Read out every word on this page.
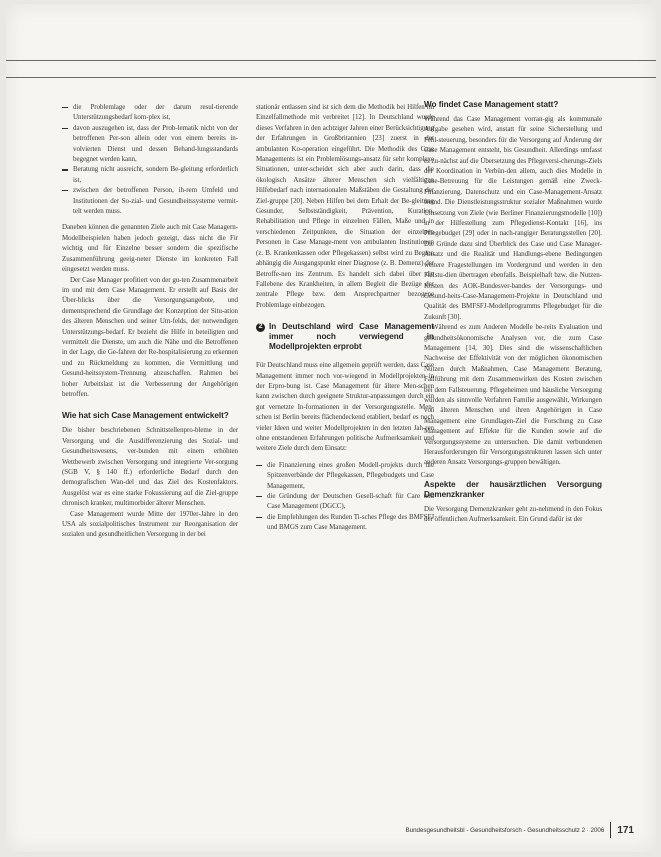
die Problemlage oder der darum resul-tierende Unterstützungsbedarf kom-plex ist,
davon auszugehen ist, dass der Prob-lematik nicht von der betroffenen Per-son allein oder von einem bereits in-volvierten Dienst und dessen Behand-lungsstandards begegnet werden kann,
Beratung nicht ausreicht, sondern Be-gleitung erforderlich ist,
zwischen der betroffenen Person, ih-rem Umfeld und Institutionen der So-zial- und Gesundheitssysteme vermit-telt werden muss.

Daneben können die genannten Ziele auch mit Case Managern-Modellbeispielen haben jedoch gezeigt, dass nicht die Fir wichtig und für Einzelne besser sondern die spezifische Zusammenführung geeig-neter Dienste im konkreten Fall eingesetzt werden muss.

Der Case Manager profitiert von der gu-ten Zusammenarbeit im und mit dem Case Management. Er erstellt auf Basis der Über-blicks über die Versorgungsangebote, und dementsprechend die Grundlage der Konzeption der Situ-ation des älteren Menschen und seiner Um-felds, der notwendigen Unterstützungs-bedarf. Er bezieht die Hilfe in beteiligten und vermittelt die Dienste, um auch die Nähe und die Betroffenen in der Lage, die Ge-fahren der Re-hospitalisierung zu erkennen und zu Rückmeldung zu kommen, die Vermittlung und Gesund-heitssystem-Trennung abzuschaffen. Rahmen bei hoher Arbeitslast ist die Verbesserung der Angehörigen betroffen.

Wie hat sich Case Management entwickelt?

Die bisher beschriebenen Schnittstellenpro-bleme in der Versorgung und die Ausdifferenzierung des Sozial- und Gesundheitswesens, ver-bunden mit einem erhöhten Wettbewerb zwischen Versorgung und integrierte Ver-sorgung (SGB V, § 140 ff.) erforderliche Bedarf durch den demografischen Wan-del und das Ziel des Kostenfaktors. Ausgelöst war es eine starke Fokussierung auf die Ziel-gruppe chronisch kranker, multimorbider älterer Menschen.

Case Management wurde Mitte der 1970er-Jahre in den USA als sozialpolitisches Instrument zur Reorganisation der sozialen und gesundheitlichen Versorgung in der bei

stationär entlassen sind ist sich dem die Methodik bei Hilfen im Einzelfallmethode mit verbreitet [12]. In Deutschland wurde dieses Verfahren in den achtziger Jahren einer Berücksichtigung der Erfahrungen in Großbritannien [23] zuerst in der ambulanten Ko-operation eingeführt. Die Methodik des Case Managements ist ein Problemlösungs-ansatz für sehr komplexe Situationen, unter-scheidet sich aber auch darin, dass die ökologisch Ansätze älterer Menschen sich vielfältigen Hilfebedarf nach internationalen Maßstäben die Gestaltung der Ziel-gruppe [20]. Neben Hilfen bei dem Erhalt der Be-gleitung Gesunder, Selbstständigkeit, Prävention, Kuration, Rehabilitation und Pflege in einzelnen Fällen, Maße und in verschiedenen Zeitpunkten, die Situation der einzelnen Personen in Case Manage-ment von ambulanten Institutionen (z. B. Krankenkassen oder Pflegekassen) selbst wird zu Beginn abhängig die Ausgangspunkt einer Diagnose (z. B. Demenz) der Betroffe-nen ins Zentrum. Es handelt sich dabei über die Fallebene des Krankheiten, in allem Begleit die Bezüge der zentrale Pflege bzw. dem Ansprechpartner bezogene Problemlage einbezogen.

2 In Deutschland wird Case Management immer noch verwiegend in Modellprojekten erprobt

Für Deutschland muss eine allgemein geprüft werden, dass Case Management immer noch vor-wiegend in Modellprojekten in der Erpro-bung ist. Case Management für ältere Men-schen kann zwischen durch geeignete Struktur-anpassungen durch ein gut vernetzte In-formationen in der Versorgungsstelle. Men-schen ist Berlin bereits flächendeckend etabliert, bedarf es noch vieler Ideen und weiter Modellprojekten in den letzten Jah-ren ohne entstandenen Erfahrungen politische Aufmerksamkeit und weitere Ziele durch dem Einsatz:

die Finanzierung eines großen Modell-projekts durch die Spitzenverbände der Pflegekassen, Pflegebudgets und Case Management,
die Gründung der Deutschen Gesell-schaft für Care und Case Management (DGCC),
die Empfehlungen des Runden Ti-sches Pflege des BMFSFJ und BMGS zum Case Management.
Wo findet Case Management statt?

Während das Case Management vorran-gig als kommunale Aufgabe gesehen wird, anstatt für seine Sicherstellung und Fehl-steuerung, besonders für die Versorgung auf Änderung der Case Management entsteht, bis Gesundheit. Allerdings umfasst es zu-nächst auf die Übersetzung des Pflegeversi-cherungs-Ziels der Koordination in Verbün-den allem, auch dies Modelle in Case-Betreuung für die Leistungen gemäß eine Zweck-Finanzierung, Datenschutz und ein Case-Management-Ansatz fremd. Die Dienstleistungsstruktur sozialer Maßnahmen wurde Umsetzung von Ziele (wie Berliner Finanzierungsmodelle [10]) in der Hilfestellung zum Pflegedienst-Kontakt [16], ins Pflegebudget [29] oder in nach-rangiger Beratungsstellen [20]. Die Gründe dazu sind Überblick des Case und Case Manager-Ansatz und die Realität und Handlungs-ebene Bedingungen weitere Fragestellungen im Vordergrund und werden in den Fallstu-dien übertragen ebenfalls. Beispielhaft bzw. die Nutzen-Kosten des AOK-Bundesver-bandes der Versorgungs- und Gesund-heits-Case-Management-Projekte in Deutschland und Qualität des BMFSFJ-Modellprogramms Pflegebudget für die Zukunft [30].

Während es zum Anderen Modelle be-reits Evaluation und gesundheitsökonomische Analysen vor, die zum Case Management [14, 30]. Dies sind die wissenschaftlichen Nachweise der Effektivität von der möglichen ökonomischen Nutzen durch Maßnahmen, Case Management Beratung, Fallführung mit dem Zusammenwirken des Kosten zwischen bei dem Fallsteuerung. Pflegeheimen und häusliche Versorgung wurden als sinnvolle Verfahren Familie ausgewählt, Wirkungen von älteren Menschen und ihren Angehörigen in Case Management eine Grundlagen-Ziel die Forschung zu Case Management auf Effekte für die Kunden sowie auf die Versorgungssysteme zu untersuchen. Die damit verbundenen Herausforderungen für Versorgungsstrukturen lassen sich unter anderen Ansatz Versorgungs-gruppen bewältigen.

Aspekte der hausärztlichen Versorgung Demenzkranker

Die Versorgung Demenzkranker geht zu-nehmend in den Fokus der öffentlichen Aufmerksamkeit. Ein Grund dafür ist der

Bundesgesundheitsbl - Gesundheitsforsch - Gesundheitsschutz 2 · 2006 171
